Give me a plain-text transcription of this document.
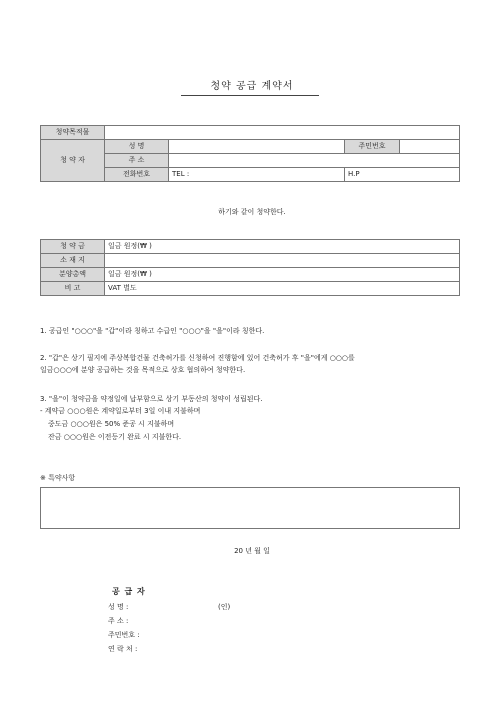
청약 공급 계약서
청약목적물			
청 약 자	성 명		주민번호

	주 소		
	전화번호	TEL :	H.P
하기와 같이 청약한다.
청 약 금	일금 원정(₩ )
소 재 지	
분양총액	일금 원정(₩ )
비 고	VAT 별도
1. 공급인 "○○○"을 "갑"이라 칭하고 수급인 "○○○"을 "을"이라 칭한다.
2. "갑"은 상기 필지에 주상복합건물 건축허가를 신청하여 진행함에 있어 건축허가 후 "을"에게 ○○○를
일금○○○에 분양 공급하는 것을 목적으로 상호 협의하여 청약한다.
3. "을"이 청약금을 약정일에 납부함으로 상기 부동산의 청약이 성립된다.
- 계약금 ○○○원은 계약일로부터 3일 이내 지불하며
중도금 ○○○원은 50% 준공 시 지불하며
잔금 ○○○원은 이전등기 완료 시 지불한다.
※ 특약사항
20 년 월 일
공 급 자
성 명 :	(인)
주 소 :
주민번호 :
연 락 처 :
